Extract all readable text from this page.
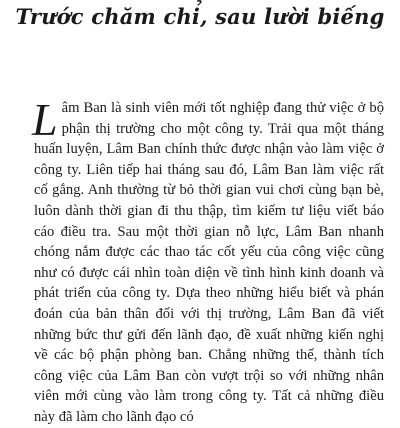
Trước chăm chỉ, sau lười biếng
Lâm Ban là sinh viên mới tốt nghiệp đang thử việc ở bộ phận thị trường cho một công ty. Trải qua một tháng huấn luyện, Lâm Ban chính thức được nhận vào làm việc ở công ty. Liên tiếp hai tháng sau đó, Lâm Ban làm việc rất cố gắng. Anh thường từ bỏ thời gian vui chơi cùng bạn bè, luôn dành thời gian đi thu thập, tìm kiếm tư liệu viết báo cáo điều tra. Sau một thời gian nỗ lực, Lâm Ban nhanh chóng nắm được các thao tác cốt yếu của công việc cũng như có được cái nhìn toàn diện về tình hình kinh doanh và phát triển của công ty. Dựa theo những hiểu biết và phán đoán của bản thân đối với thị trường, Lâm Ban đã viết những bức thư gửi đến lãnh đạo, đề xuất những kiến nghị về các bộ phận phòng ban. Chẳng những thế, thành tích công việc của Lâm Ban còn vượt trội so với những nhân viên mới cùng vào làm trong công ty. Tất cả những điều này đã làm cho lãnh đạo có
